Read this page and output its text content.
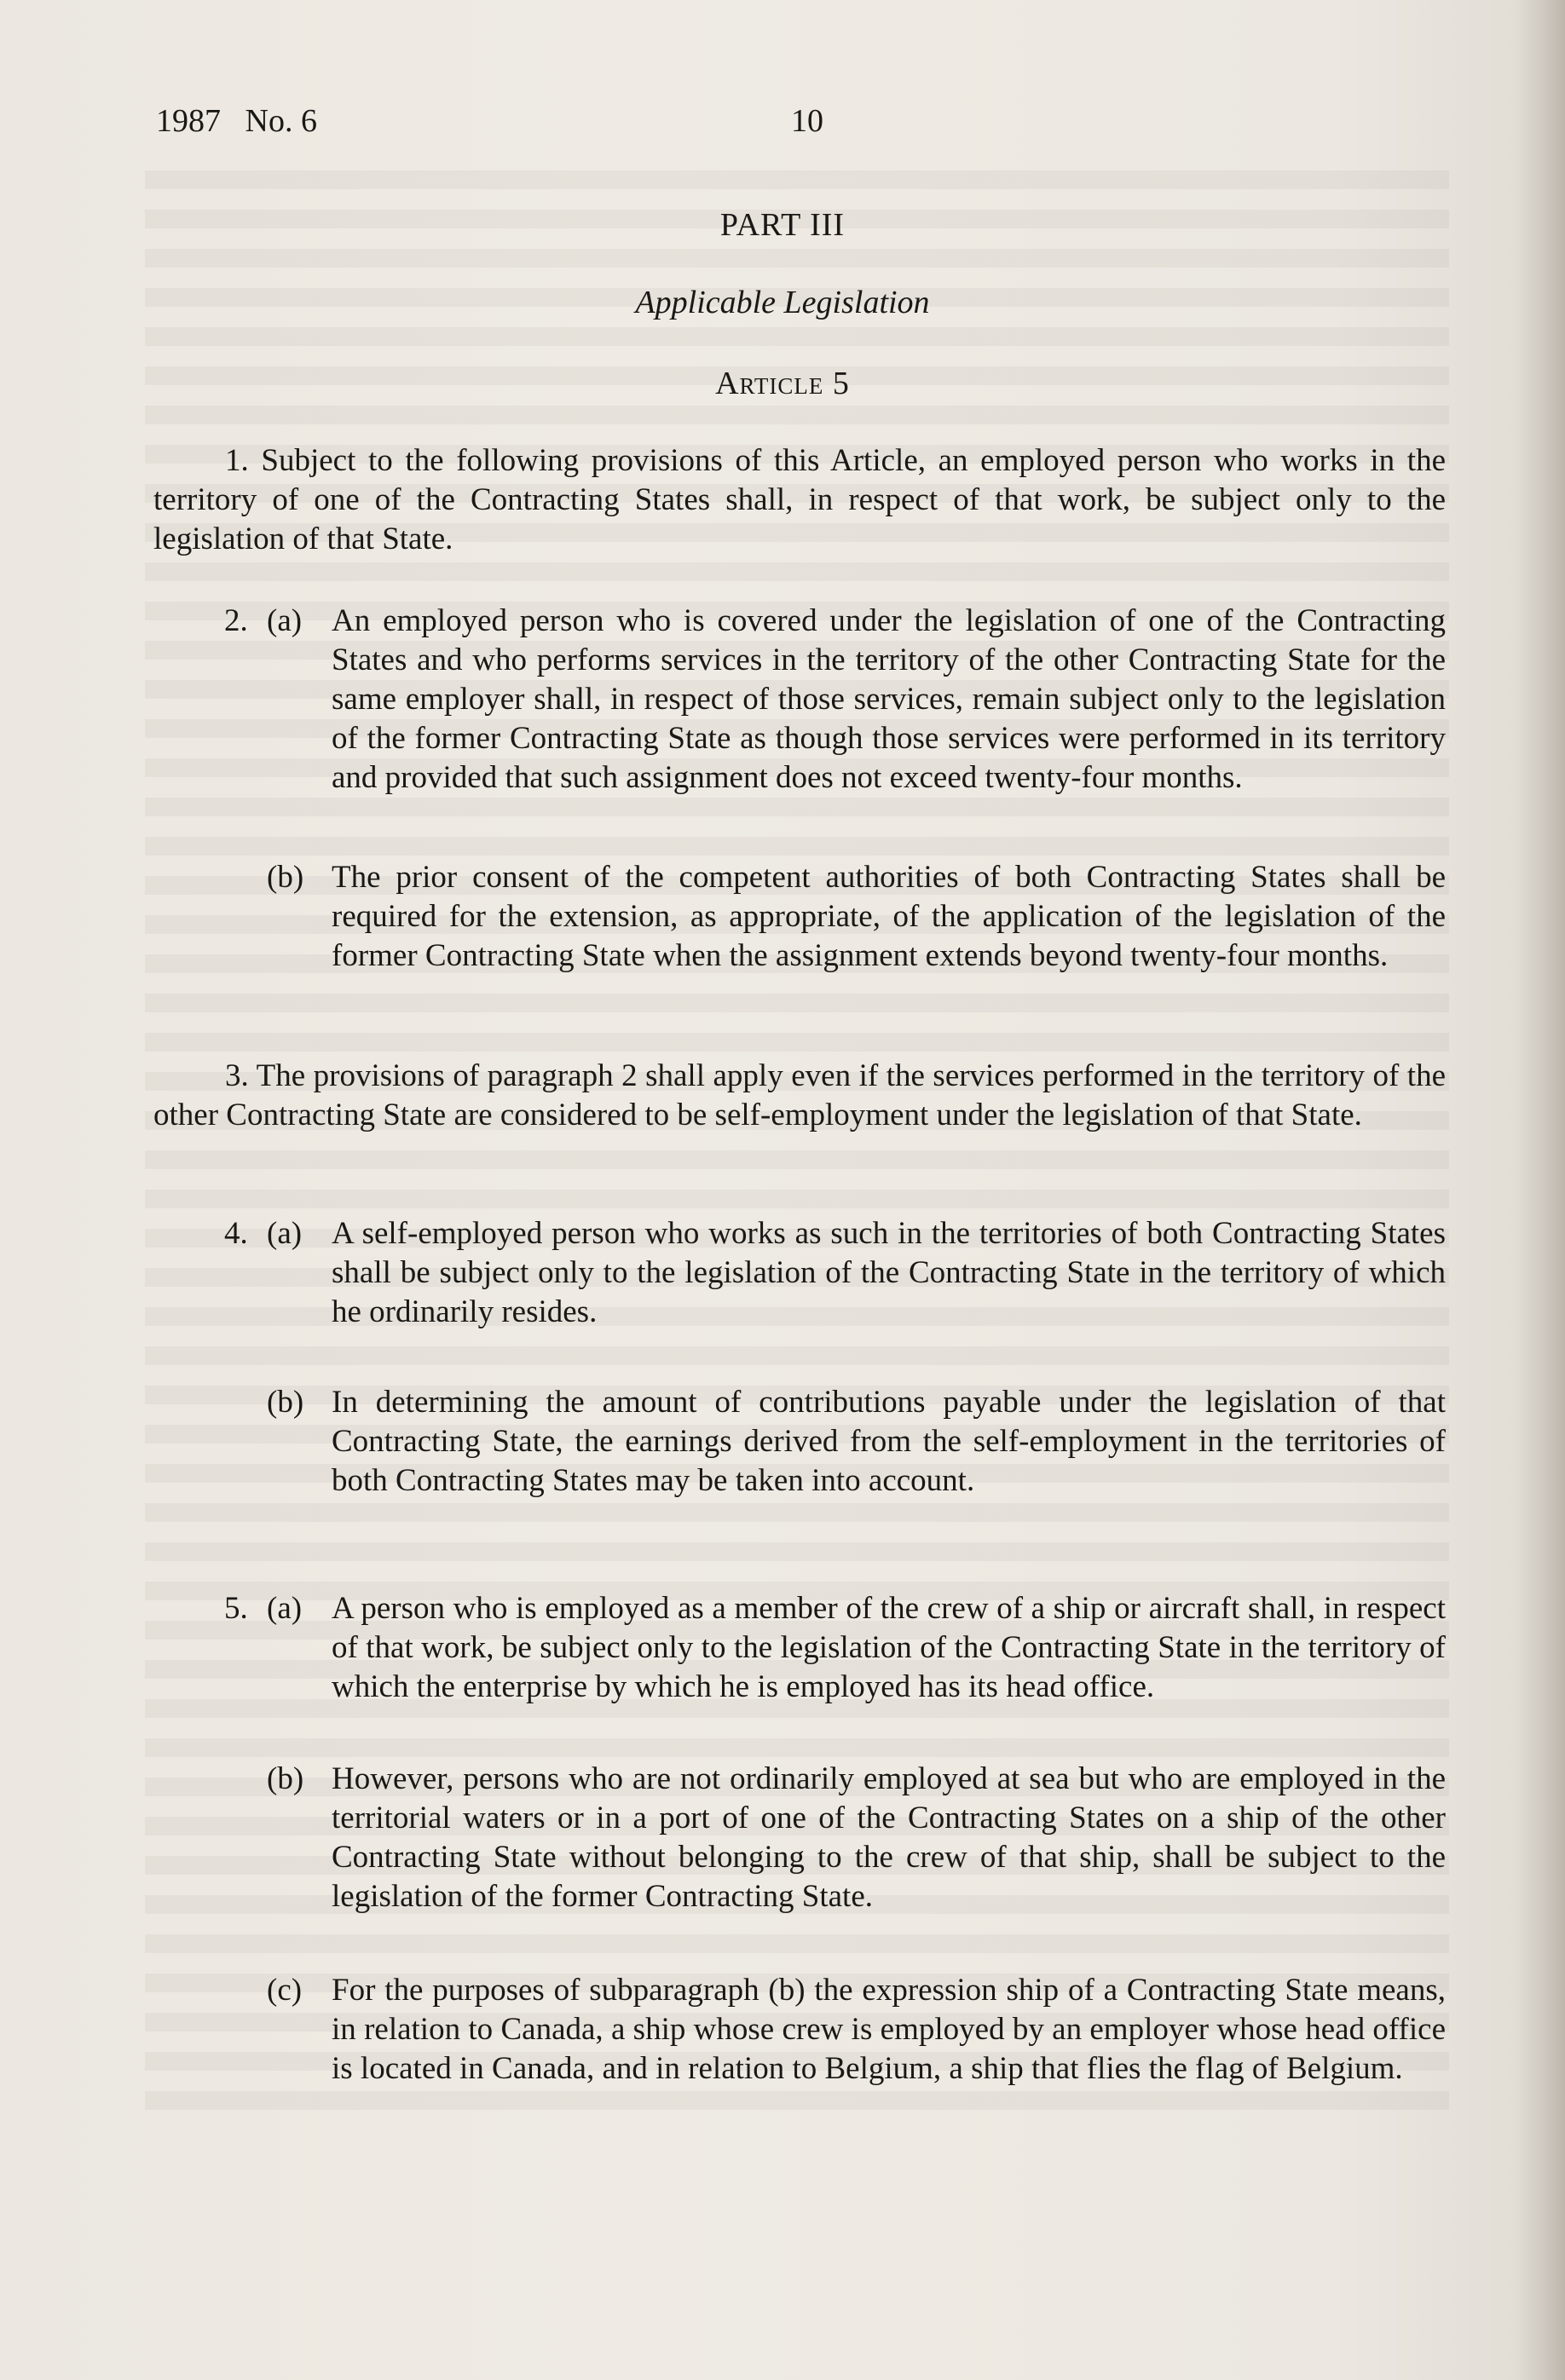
1987   No. 6	10
PART III
Applicable Legislation
Article 5
1. Subject to the following provisions of this Article, an employed person who works in the territory of one of the Contracting States shall, in respect of that work, be subject only to the legislation of that State.
2. (a) An employed person who is covered under the legislation of one of the Contracting States and who performs services in the territory of the other Contracting State for the same employer shall, in respect of those services, remain subject only to the legislation of the former Contracting State as though those services were performed in its territory and provided that such assignment does not exceed twenty-four months.
(b) The prior consent of the competent authorities of both Contracting States shall be required for the extension, as appropriate, of the application of the legislation of the former Contracting State when the assignment extends beyond twenty-four months.
3. The provisions of paragraph 2 shall apply even if the services performed in the territory of the other Contracting State are considered to be self-employment under the legislation of that State.
4. (a) A self-employed person who works as such in the territories of both Contracting States shall be subject only to the legislation of the Contracting State in the territory of which he ordinarily resides.
(b) In determining the amount of contributions payable under the legislation of that Contracting State, the earnings derived from the self-employment in the territories of both Contracting States may be taken into account.
5. (a) A person who is employed as a member of the crew of a ship or aircraft shall, in respect of that work, be subject only to the legislation of the Contracting State in the territory of which the enterprise by which he is employed has its head office.
(b) However, persons who are not ordinarily employed at sea but who are employed in the territorial waters or in a port of one of the Contracting States on a ship of the other Contracting State without belonging to the crew of that ship, shall be subject to the legislation of the former Contracting State.
(c) For the purposes of subparagraph (b) the expression ship of a Contracting State means, in relation to Canada, a ship whose crew is employed by an employer whose head office is located in Canada, and in relation to Belgium, a ship that flies the flag of Belgium.
